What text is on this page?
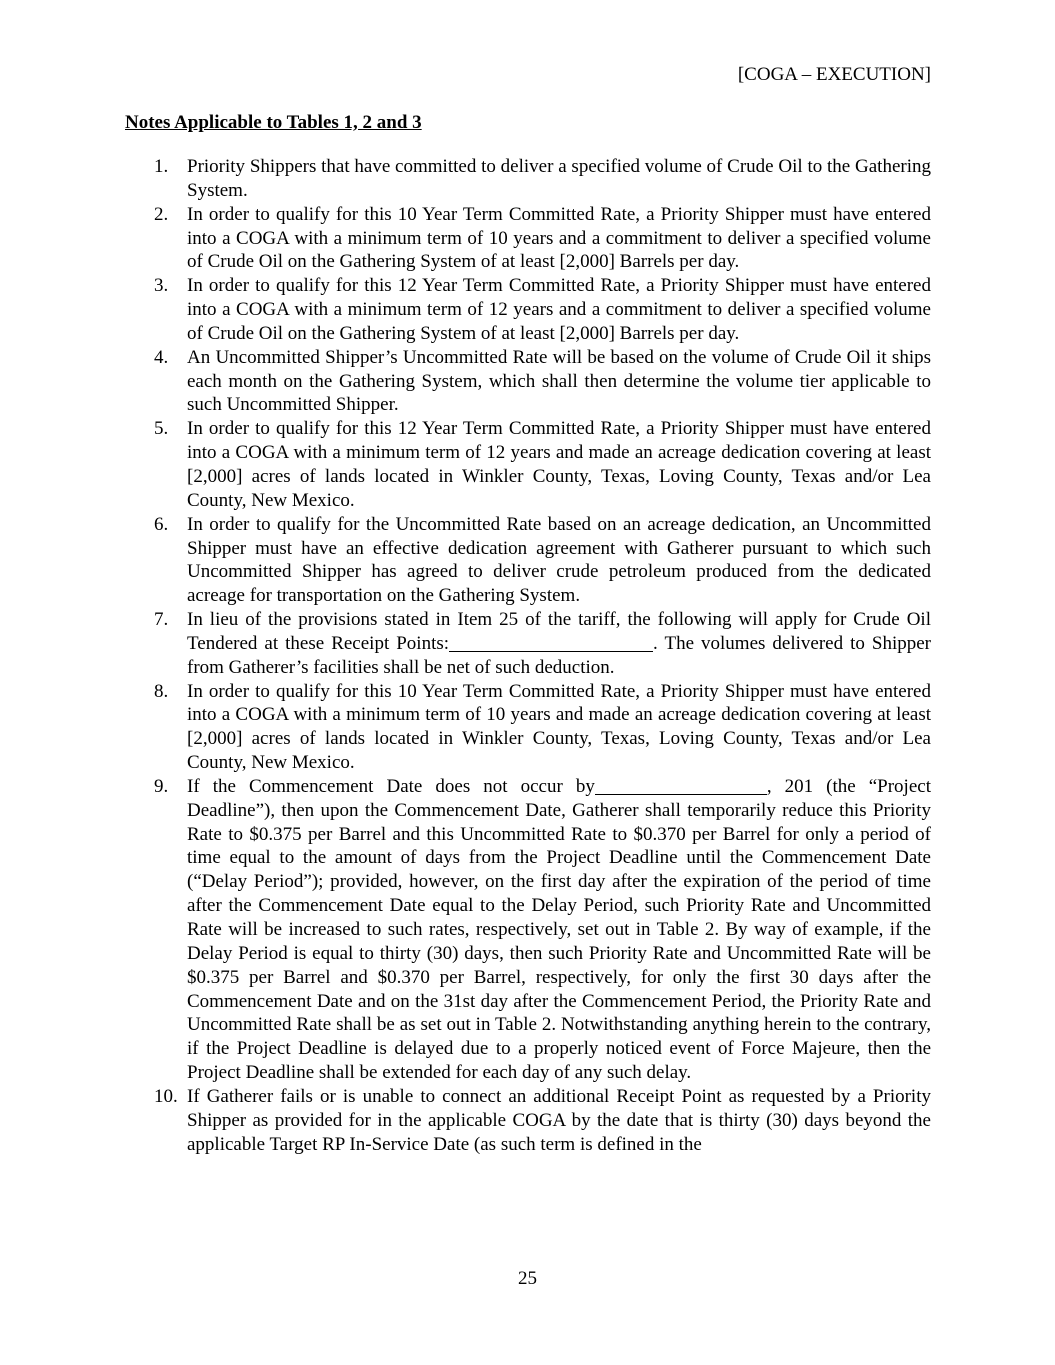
[COGA – EXECUTION]
Notes Applicable to Tables 1, 2 and 3
1. Priority Shippers that have committed to deliver a specified volume of Crude Oil to the Gathering System.
2. In order to qualify for this 10 Year Term Committed Rate, a Priority Shipper must have entered into a COGA with a minimum term of 10 years and a commitment to deliver a specified volume of Crude Oil on the Gathering System of at least [2,000] Barrels per day.
3. In order to qualify for this 12 Year Term Committed Rate, a Priority Shipper must have entered into a COGA with a minimum term of 12 years and a commitment to deliver a specified volume of Crude Oil on the Gathering System of at least [2,000] Barrels per day.
4. An Uncommitted Shipper’s Uncommitted Rate will be based on the volume of Crude Oil it ships each month on the Gathering System, which shall then determine the volume tier applicable to such Uncommitted Shipper.
5. In order to qualify for this 12 Year Term Committed Rate, a Priority Shipper must have entered into a COGA with a minimum term of 12 years and made an acreage dedication covering at least [2,000] acres of lands located in Winkler County, Texas, Loving County, Texas and/or Lea County, New Mexico.
6. In order to qualify for the Uncommitted Rate based on an acreage dedication, an Uncommitted Shipper must have an effective dedication agreement with Gatherer pursuant to which such Uncommitted Shipper has agreed to deliver crude petroleum produced from the dedicated acreage for transportation on the Gathering System.
7. In lieu of the provisions stated in Item 25 of the tariff, the following will apply for Crude Oil Tendered at these Receipt Points:	. The volumes delivered to Shipper from Gatherer’s facilities shall be net of such deduction.
8. In order to qualify for this 10 Year Term Committed Rate, a Priority Shipper must have entered into a COGA with a minimum term of 10 years and made an acreage dedication covering at least [2,000] acres of lands located in Winkler County, Texas, Loving County, Texas and/or Lea County, New Mexico.
9. If the Commencement Date does not occur by	, 201 (the “Project Deadline”), then upon the Commencement Date, Gatherer shall temporarily reduce this Priority Rate to $0.375 per Barrel and this Uncommitted Rate to $0.370 per Barrel for only a period of time equal to the amount of days from the Project Deadline until the Commencement Date (“Delay Period”); provided, however, on the first day after the expiration of the period of time after the Commencement Date equal to the Delay Period, such Priority Rate and Uncommitted Rate will be increased to such rates, respectively, set out in Table 2. By way of example, if the Delay Period is equal to thirty (30) days, then such Priority Rate and Uncommitted Rate will be $0.375 per Barrel and $0.370 per Barrel, respectively, for only the first 30 days after the Commencement Date and on the 31st day after the Commencement Period, the Priority Rate and Uncommitted Rate shall be as set out in Table 2. Notwithstanding anything herein to the contrary, if the Project Deadline is delayed due to a properly noticed event of Force Majeure, then the Project Deadline shall be extended for each day of any such delay.
10. If Gatherer fails or is unable to connect an additional Receipt Point as requested by a Priority Shipper as provided for in the applicable COGA by the date that is thirty (30) days beyond the applicable Target RP In-Service Date (as such term is defined in the
25
